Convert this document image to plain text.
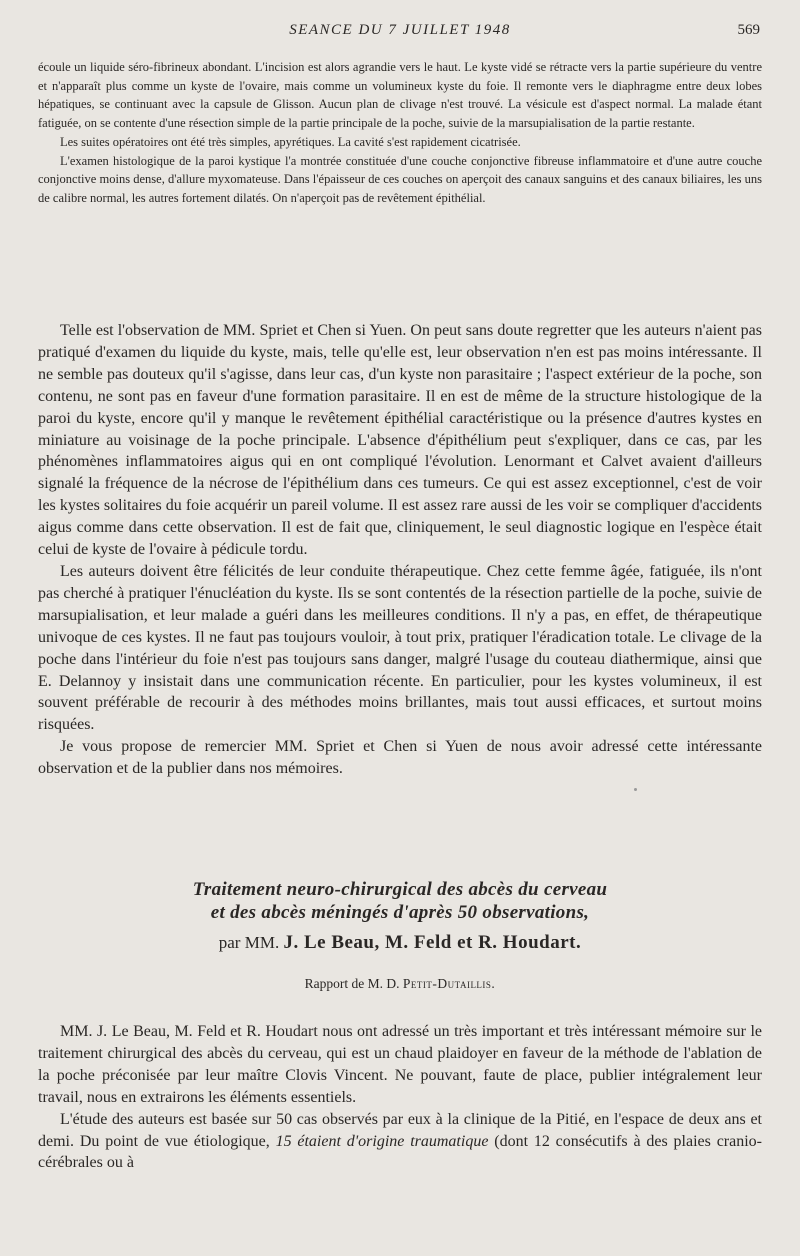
SEANCE DU 7 JUILLET 1948	569

écoule un liquide séro-fibrineux abondant. L'incision est alors agrandie vers le haut. Le kyste vidé se rétracte vers la partie supérieure du ventre et n'apparaît plus comme un kyste de l'ovaire, mais comme un volumineux kyste du foie. Il remonte vers le diaphragme entre deux lobes hépatiques, se continuant avec la capsule de Glisson. Aucun plan de clivage n'est trouvé. La vésicule est d'aspect normal. La malade étant fatiguée, on se contente d'une résection simple de la partie principale de la poche, suivie de la marsupialisation de la partie restante.

Les suites opératoires ont été très simples, apyrétiques. La cavité s'est rapidement cicatrisée.

L'examen histologique de la paroi kystique l'a montrée constituée d'une couche conjonctive fibreuse inflammatoire et d'une autre couche conjonctive moins dense, d'allure myxomateuse. Dans l'épaisseur de ces couches on aperçoit des canaux sanguins et des canaux biliaires, les uns de calibre normal, les autres fortement dilatés. On n'aperçoit pas de revêtement épithélial.

Telle est l'observation de MM. Spriet et Chen si Yuen. On peut sans doute regretter que les auteurs n'aient pas pratiqué d'examen du liquide du kyste, mais, telle qu'elle est, leur observation n'en est pas moins intéressante. Il ne semble pas douteux qu'il s'agisse, dans leur cas, d'un kyste non parasitaire ; l'aspect extérieur de la poche, son contenu, ne sont pas en faveur d'une formation parasitaire. Il en est de même de la structure histologique de la paroi du kyste, encore qu'il y manque le revêtement épithélial caractéristique ou la présence d'autres kystes en miniature au voisinage de la poche principale. L'absence d'épithélium peut s'expliquer, dans ce cas, par les phénomènes inflammatoires aigus qui en ont compliqué l'évolution. Lenormant et Calvet avaient d'ailleurs signalé la fréquence de la nécrose de l'épithélium dans ces tumeurs. Ce qui est assez exceptionnel, c'est de voir les kystes solitaires du foie acquérir un pareil volume. Il est assez rare aussi de les voir se compliquer d'accidents aigus comme dans cette observation. Il est de fait que, cliniquement, le seul diagnostic logique en l'espèce était celui de kyste de l'ovaire à pédicule tordu.

Les auteurs doivent être félicités de leur conduite thérapeutique. Chez cette femme âgée, fatiguée, ils n'ont pas cherché à pratiquer l'énucléation du kyste. Ils se sont contentés de la résection partielle de la poche, suivie de marsupialisation, et leur malade a guéri dans les meilleures conditions. Il n'y a pas, en effet, de thérapeutique univoque de ces kystes. Il ne faut pas toujours vouloir, à tout prix, pratiquer l'éradication totale. Le clivage de la poche dans l'intérieur du foie n'est pas toujours sans danger, malgré l'usage du couteau diathermique, ainsi que E. Delannoy y insistait dans une communication récente. En particulier, pour les kystes volumineux, il est souvent préférable de recourir à des méthodes moins brillantes, mais tout aussi efficaces, et surtout moins risquées.

Je vous propose de remercier MM. Spriet et Chen si Yuen de nous avoir adressé cette intéressante observation et de la publier dans nos mémoires.

Traitement neuro-chirurgical des abcès du cerveau
et des abcès méningés d'après 50 observations,
par MM. J. Le Beau, M. Feld et R. Houdart.
Rapport de M. D. Petit-Dutaillis.

MM. J. Le Beau, M. Feld et R. Houdart nous ont adressé un très important et très intéressant mémoire sur le traitement chirurgical des abcès du cerveau, qui est un chaud plaidoyer en faveur de la méthode de l'ablation de la poche préconisée par leur maître Clovis Vincent. Ne pouvant, faute de place, publier intégralement leur travail, nous en extrairons les éléments essentiels.

L'étude des auteurs est basée sur 50 cas observés par eux à la clinique de la Pitié, en l'espace de deux ans et demi. Du point de vue étiologique, 15 étaient d'origine traumatique (dont 12 consécutifs à des plaies cranio-cérébrales ou à
